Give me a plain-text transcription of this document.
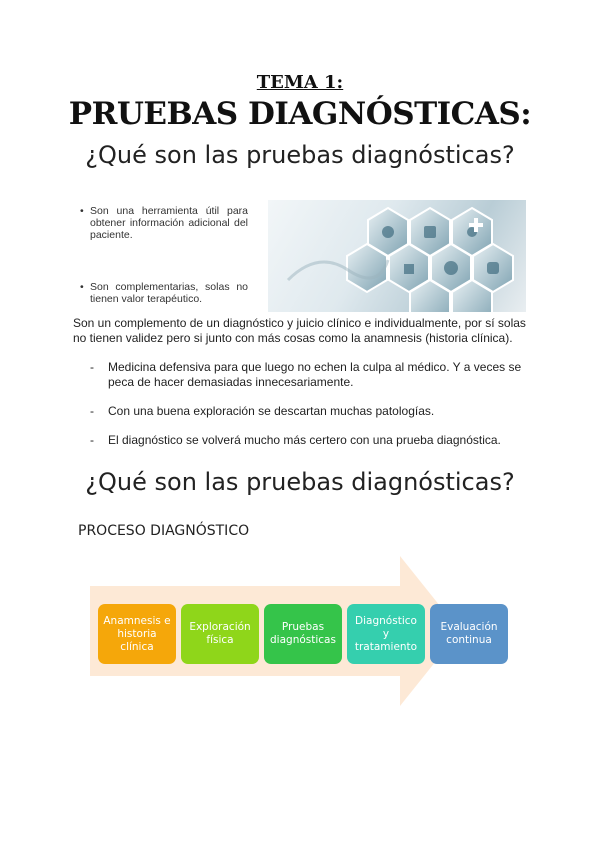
TEMA 1:
PRUEBAS DIAGNÓSTICAS:
¿Qué son las pruebas diagnósticas?
• Son una herramienta útil para obtener información adicional del paciente.
• Son complementarias, solas no tienen valor terapéutico.
Son un complemento de un diagnóstico y juicio clínico e individualmente, por sí solas no tienen validez pero si junto con más cosas como la anamnesis (historia clínica).
- Medicina defensiva para que luego no echen la culpa al médico. Y a veces se peca de hacer demasiadas innecesariamente.
- Con una buena exploración se descartan muchas patologías.
- El diagnóstico se volverá mucho más certero con una prueba diagnóstica.
¿Qué son las pruebas diagnósticas?
PROCESO DIAGNÓSTICO
Anamnesis e historia clínica
Exploración física
Pruebas diagnósticas
Diagnóstico y tratamiento
Evaluación continua
